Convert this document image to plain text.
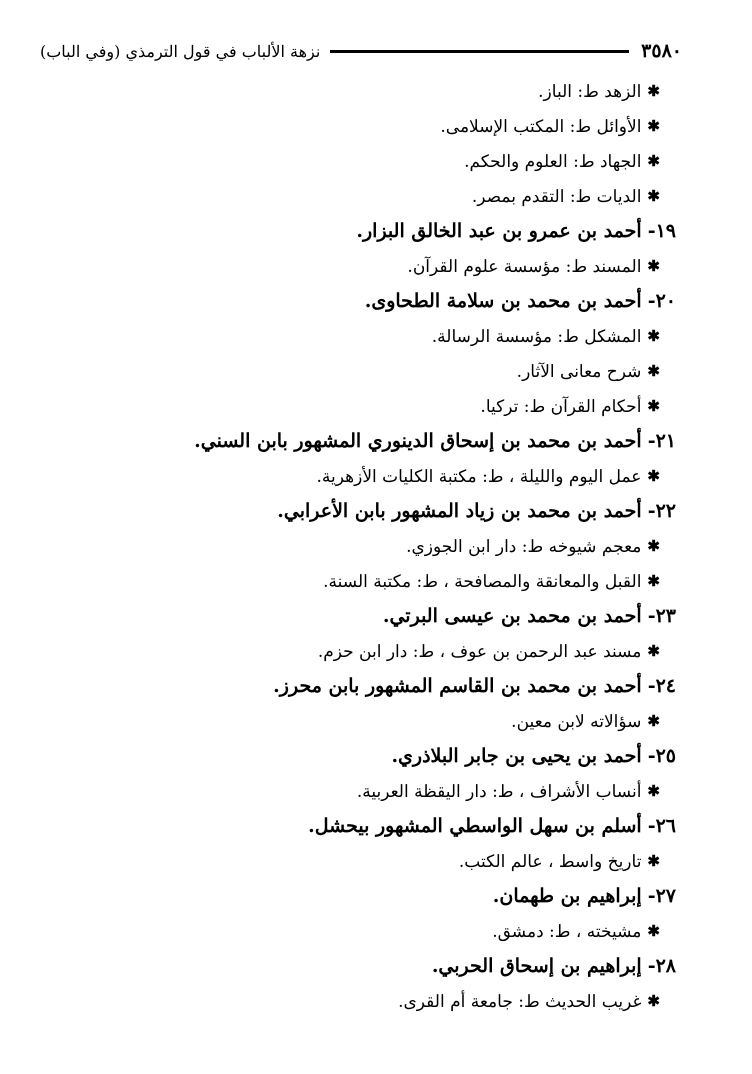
٣٥٨٠
نزهة الألباب في قول الترمذي (وفي الباب)
✱الزهد ط: الباز.
✱الأوائل ط: المكتب الإسلامى.
✱الجهاد ط: العلوم والحكم.
✱الديات ط: التقدم بمصر.
١٩-أحمد بن عمرو بن عبد الخالق البزار.
✱المسند ط: مؤسسة علوم القرآن.
٢٠-أحمد بن محمد بن سلامة الطحاوى.
✱المشكل ط: مؤسسة الرسالة.
✱شرح معانى الآثار.
✱أحكام القرآن ط: تركيا.
٢١-أحمد بن محمد بن إسحاق الدينوري المشهور بابن السني.
✱عمل اليوم والليلة ، ط: مكتبة الكليات الأزهرية.
٢٢-أحمد بن محمد بن زياد المشهور بابن الأعرابي.
✱معجم شيوخه ط: دار ابن الجوزي.
✱القبل والمعانقة والمصافحة ، ط: مكتبة السنة.
٢٣-أحمد بن محمد بن عيسى البرتي.
✱مسند عبد الرحمن بن عوف ، ط: دار ابن حزم.
٢٤-أحمد بن محمد بن القاسم المشهور بابن محرز.
✱سؤالاته لابن معين.
٢٥-أحمد بن يحيى بن جابر البلاذري.
✱أنساب الأشراف ، ط: دار اليقظة العربية.
٢٦-أسلم بن سهل الواسطي المشهور بيحشل.
✱تاريخ واسط ، عالم الكتب.
٢٧-إبراهيم بن طهمان.
✱مشيخته ، ط: دمشق.
٢٨-إبراهيم بن إسحاق الحربي.
✱غريب الحديث ط: جامعة أم القرى.
